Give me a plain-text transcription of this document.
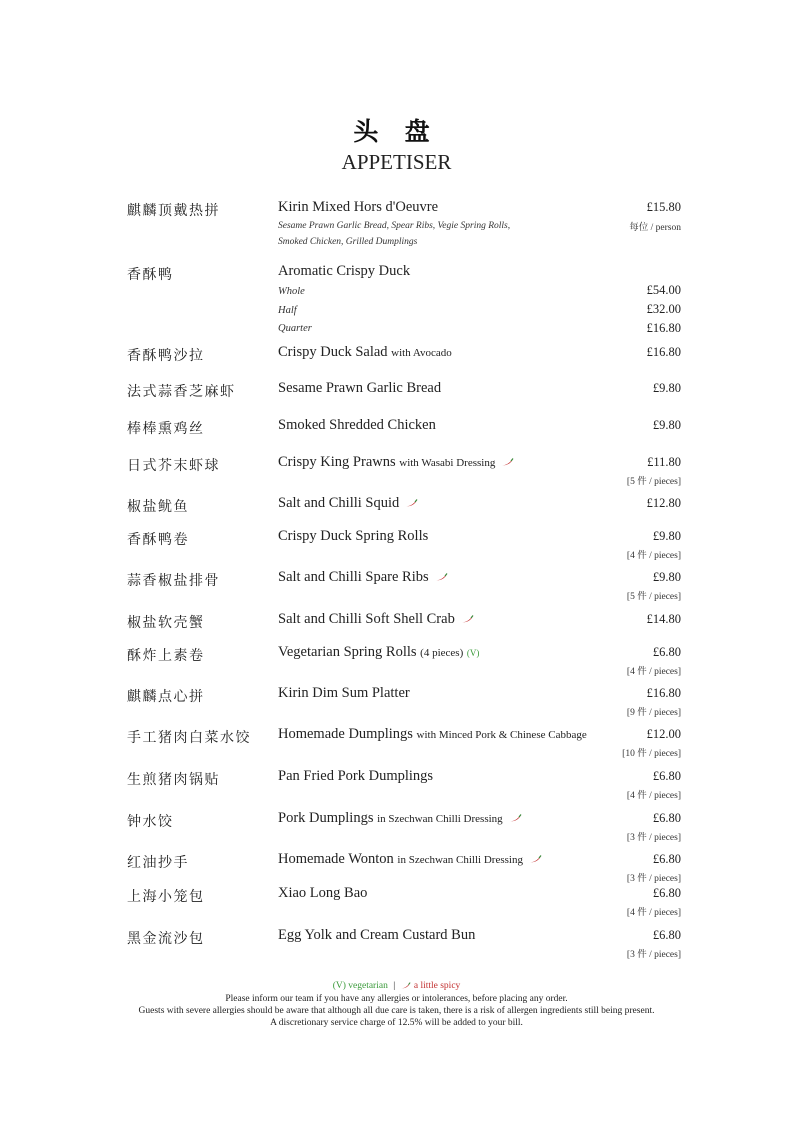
头 盘
APPETISER
麒麟顶戴热拼	Kirin Mixed Hors d'Oeuvre	£15.80
每位 / person
Sesame Prawn Garlic Bread, Spear Ribs, Vegie Spring Rolls,
Smoked Chicken, Grilled Dumplings
香酥鸭	Aromatic Crispy Duck
Whole	£54.00
Half	£32.00
Quarter	£16.80
香酥鸭沙拉	Crispy Duck Salad with Avocado	£16.80
法式蒜香芝麻虾	Sesame Prawn Garlic Bread	£9.80
棒棒熏鸡丝	Smoked Shredded Chicken	£9.80
日式芥末虾球	Crispy King Prawns with Wasabi Dressing	£11.80
[5 件 / pieces]
椒盐鱿鱼	Salt and Chilli Squid	£12.80
香酥鸭卷	Crispy Duck Spring Rolls	£9.80
[4 件 / pieces]
蒜香椒盐排骨	Salt and Chilli Spare Ribs	£9.80
[5 件 / pieces]
椒盐软壳蟹	Salt and Chilli Soft Shell Crab	£14.80
酥炸上素卷	Vegetarian Spring Rolls (4 pieces) (V)	£6.80
[4 件 / pieces]
麒麟点心拼	Kirin Dim Sum Platter	£16.80
[9 件 / pieces]
手工猪肉白菜水饺 Homemade Dumplings with Minced Pork & Chinese Cabbage	£12.00
[10 件 / pieces]
生煎猪肉锅贴	Pan Fried Pork Dumplings	£6.80
[4 件 / pieces]
钟水饺	Pork Dumplings in Szechwan Chilli Dressing	£6.80
[3 件 / pieces]
红油抄手	Homemade Wonton in Szechwan Chilli Dressing	£6.80
[3 件 / pieces]
上海小笼包	Xiao Long Bao	£6.80
[4 件 / pieces]
黑金流沙包	Egg Yolk and Cream Custard Bun	£6.80
[3 件 / pieces]
(V) vegetarian | a little spicy
Please inform our team if you have any allergies or intolerances, before placing any order.
Guests with severe allergies should be aware that although all due care is taken, there is a risk of allergen ingredients still being present.
A discretionary service charge of 12.5% will be added to your bill.
